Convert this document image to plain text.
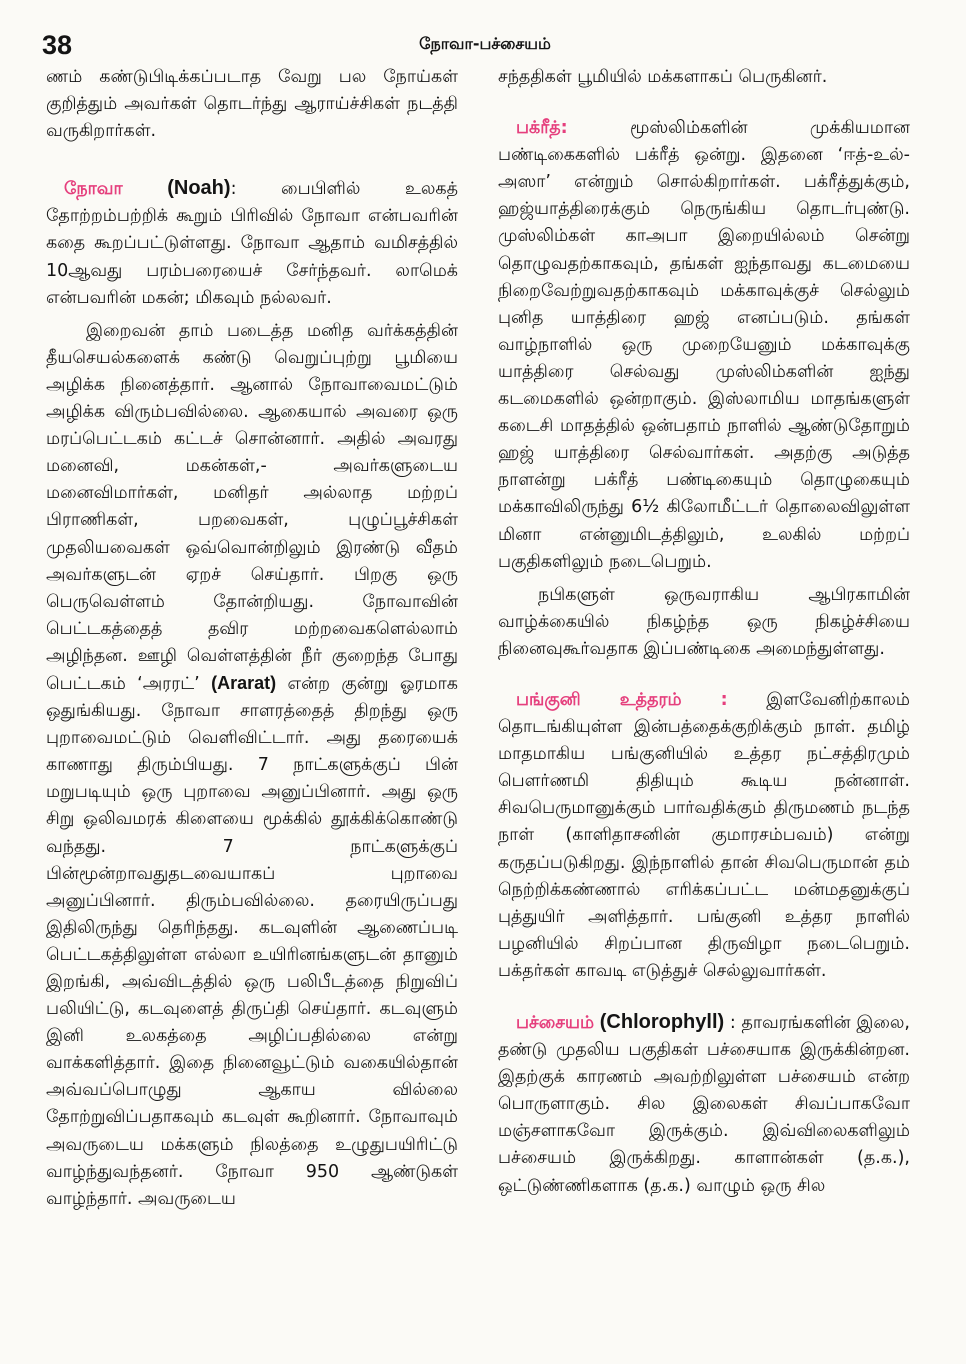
38	நோவா-பச்சையம்

ணம் கண்டுபிடிக்கப்படாத வேறு பல நோய்கள் குறித்தும் அவர்கள் தொடர்ந்து ஆராய்ச்சிகள் நடத்தி வருகிறார்கள்.

நோவா (Noah):	பைபிளில் உலகத் தோற்றம்பற்றிக் கூறும் பிரிவில் நோவா என்பவரின் கதை கூறப்பட்டுள்ளது. நோவா ஆதாம் வமிசத்தில் 10ஆவது பரம்பரையைச் சேர்ந்தவர். லாமெக் என்பவரின் மகன்; மிகவும் நல்லவர்.

இறைவன் தாம் படைத்த மனித வர்க்கத்தின் தீயசெயல்களைக் கண்டு வெறுப்புற்று பூமியை அழிக்க நினைத்தார். ஆனால் நோவாவைமட்டும் அழிக்க விரும்பவில்லை. ஆகையால் அவரை ஒரு மரப்பெட்டகம் கட்டச் சொன்னார். அதில் அவரது மனைவி, மகன்கள்,- அவர்களுடைய மனைவிமார்கள், மனிதர் அல்லாத மற்றப் பிராணிகள், பறவைகள், புழுப்பூச்சிகள் முதலியவைகள் ஒவ்வொன்றிலும் இரண்டு வீதம் அவர்களுடன் ஏறச் செய்தார். பிறகு ஒரு பெருவெள்ளம் தோன்றியது. நோவாவின் பெட்டகத்தைத் தவிர மற்றவைகளெல்லாம் அழிந்தன. ஊழி வெள்ளத்தின் நீர் குறைந்த போது பெட்டகம் ‘அரரட்’ (Ararat) என்ற குன்று ஓரமாக ஒதுங்கியது. நோவா சாளரத்தைத் திறந்து ஒரு புறாவைமட்டும் வெளிவிட்டார். அது தரையைக் காணாது திரும்பியது. 7 நாட்களுக்குப் பின் மறுபடியும் ஒரு புறாவை அனுப்பினார். அது ஒரு சிறு ஒலிவமரக் கிளையை மூக்கில் தூக்கிக்கொண்டு வந்தது. 7 நாட்களுக்குப் பின்மூன்றாவதுதடவையாகப் புறாவை அனுப்பினார். திரும்பவில்லை. தரையிருப்பது இதிலிருந்து தெரிந்தது. கடவுளின் ஆணைப்படி பெட்டகத்திலுள்ள எல்லா உயிரினங்களுடன் தானும் இறங்கி, அவ்விடத்தில் ஒரு பலிபீடத்தை நிறுவிப் பலியிட்டு, கடவுளைத் திருப்தி செய்தார். கடவுளும் இனி உலகத்தை அழிப்பதில்லை என்று வாக்களித்தார். இதை நினைவூட்டும் வகையில்தான் அவ்வப்பொழுது ஆகாய வில்லை தோற்றுவிப்பதாகவும் கடவுள் கூறினார். நோவாவும் அவருடைய மக்களும் நிலத்தை உழுதுபயிரிட்டு வாழ்ந்துவந்தனர். நோவா 950 ஆண்டுகள் வாழ்ந்தார். அவருடைய

சந்ததிகள் பூமியில் மக்களாகப் பெருகினர்.

பக்ரீத்:	மூஸ்லிம்களின் முக்கியமான பண்டிகைகளில் பக்ரீத் ஒன்று. இதனை ‘ஈத்-உல்-அஸா’ என்றும் சொல்கிறார்கள். பக்ரீத்துக்கும், ஹஜ்யாத்திரைக்கும் நெருங்கிய தொடர்புண்டு. முஸ்லிம்கள் காஅபா இறையில்லம் சென்று தொழுவதற்காகவும், தங்கள் ஐந்தாவது கடமையை நிறைவேற்றுவதற்காகவும் மக்காவுக்குச் செல்லும் புனித யாத்திரை ஹஜ் எனப்படும். தங்கள் வாழ்நாளில் ஒரு முறையேனும் மக்காவுக்கு யாத்திரை செல்வது முஸ்லிம்களின் ஐந்து கடமைகளில் ஒன்றாகும். இஸ்லாமிய மாதங்களுள் கடைசி மாதத்தில் ஒன்பதாம் நாளில் ஆண்டுதோறும் ஹஜ் யாத்திரை செல்வார்கள். அதற்கு அடுத்த நாளன்று பக்ரீத் பண்டிகையும் தொழுகையும் மக்காவிலிருந்து 6½ கிலோமீட்டர் தொலைவிலுள்ள மினா என்னுமிடத்திலும், உலகில் மற்றப் பகுதிகளிலும் நடைபெறும்.

நபிகளுள் ஒருவராகிய ஆபிரகாமின் வாழ்க்கையில் நிகழ்ந்த ஒரு நிகழ்ச்சியை நினைவுகூர்வதாக இப்பண்டிகை அமைந்துள்ளது.

பங்குனி உத்தரம் : இளவேனிற்காலம் தொடங்கியுள்ள இன்பத்தைக்குறிக்கும் நாள். தமிழ் மாதமாகிய பங்குனியில் உத்தர நட்சத்திரமும் பௌர்ணமி திதியும் கூடிய நன்னாள். சிவபெருமானுக்கும் பார்வதிக்கும் திருமணம் நடந்த நாள் (காளிதாசனின் குமாரசம்பவம்) என்று கருதப்படுகிறது. இந்நாளில் தான் சிவபெருமான் தம் நெற்றிக்கண்ணால் எரிக்கப்பட்ட மன்மதனுக்குப் புத்துயிர் அளித்தார். பங்குனி உத்தர நாளில் பழனியில் சிறப்பான திருவிழா நடைபெறும். பக்தர்கள் காவடி எடுத்துச் செல்லுவார்கள்.

பச்சையம் (Chlorophyll) : தாவரங்களின் இலை, தண்டு முதலிய பகுதிகள் பச்சையாக இருக்கின்றன. இதற்குக் காரணம் அவற்றிலுள்ள பச்சையம் என்ற பொருளாகும். சில இலைகள் சிவப்பாகவோ மஞ்சளாகவோ இருக்கும். இவ்விலைகளிலும் பச்சையம் இருக்கிறது. காளான்கள் (த.க.), ஒட்டுண்ணிகளாக (த.க.) வாழும் ஒரு சில
